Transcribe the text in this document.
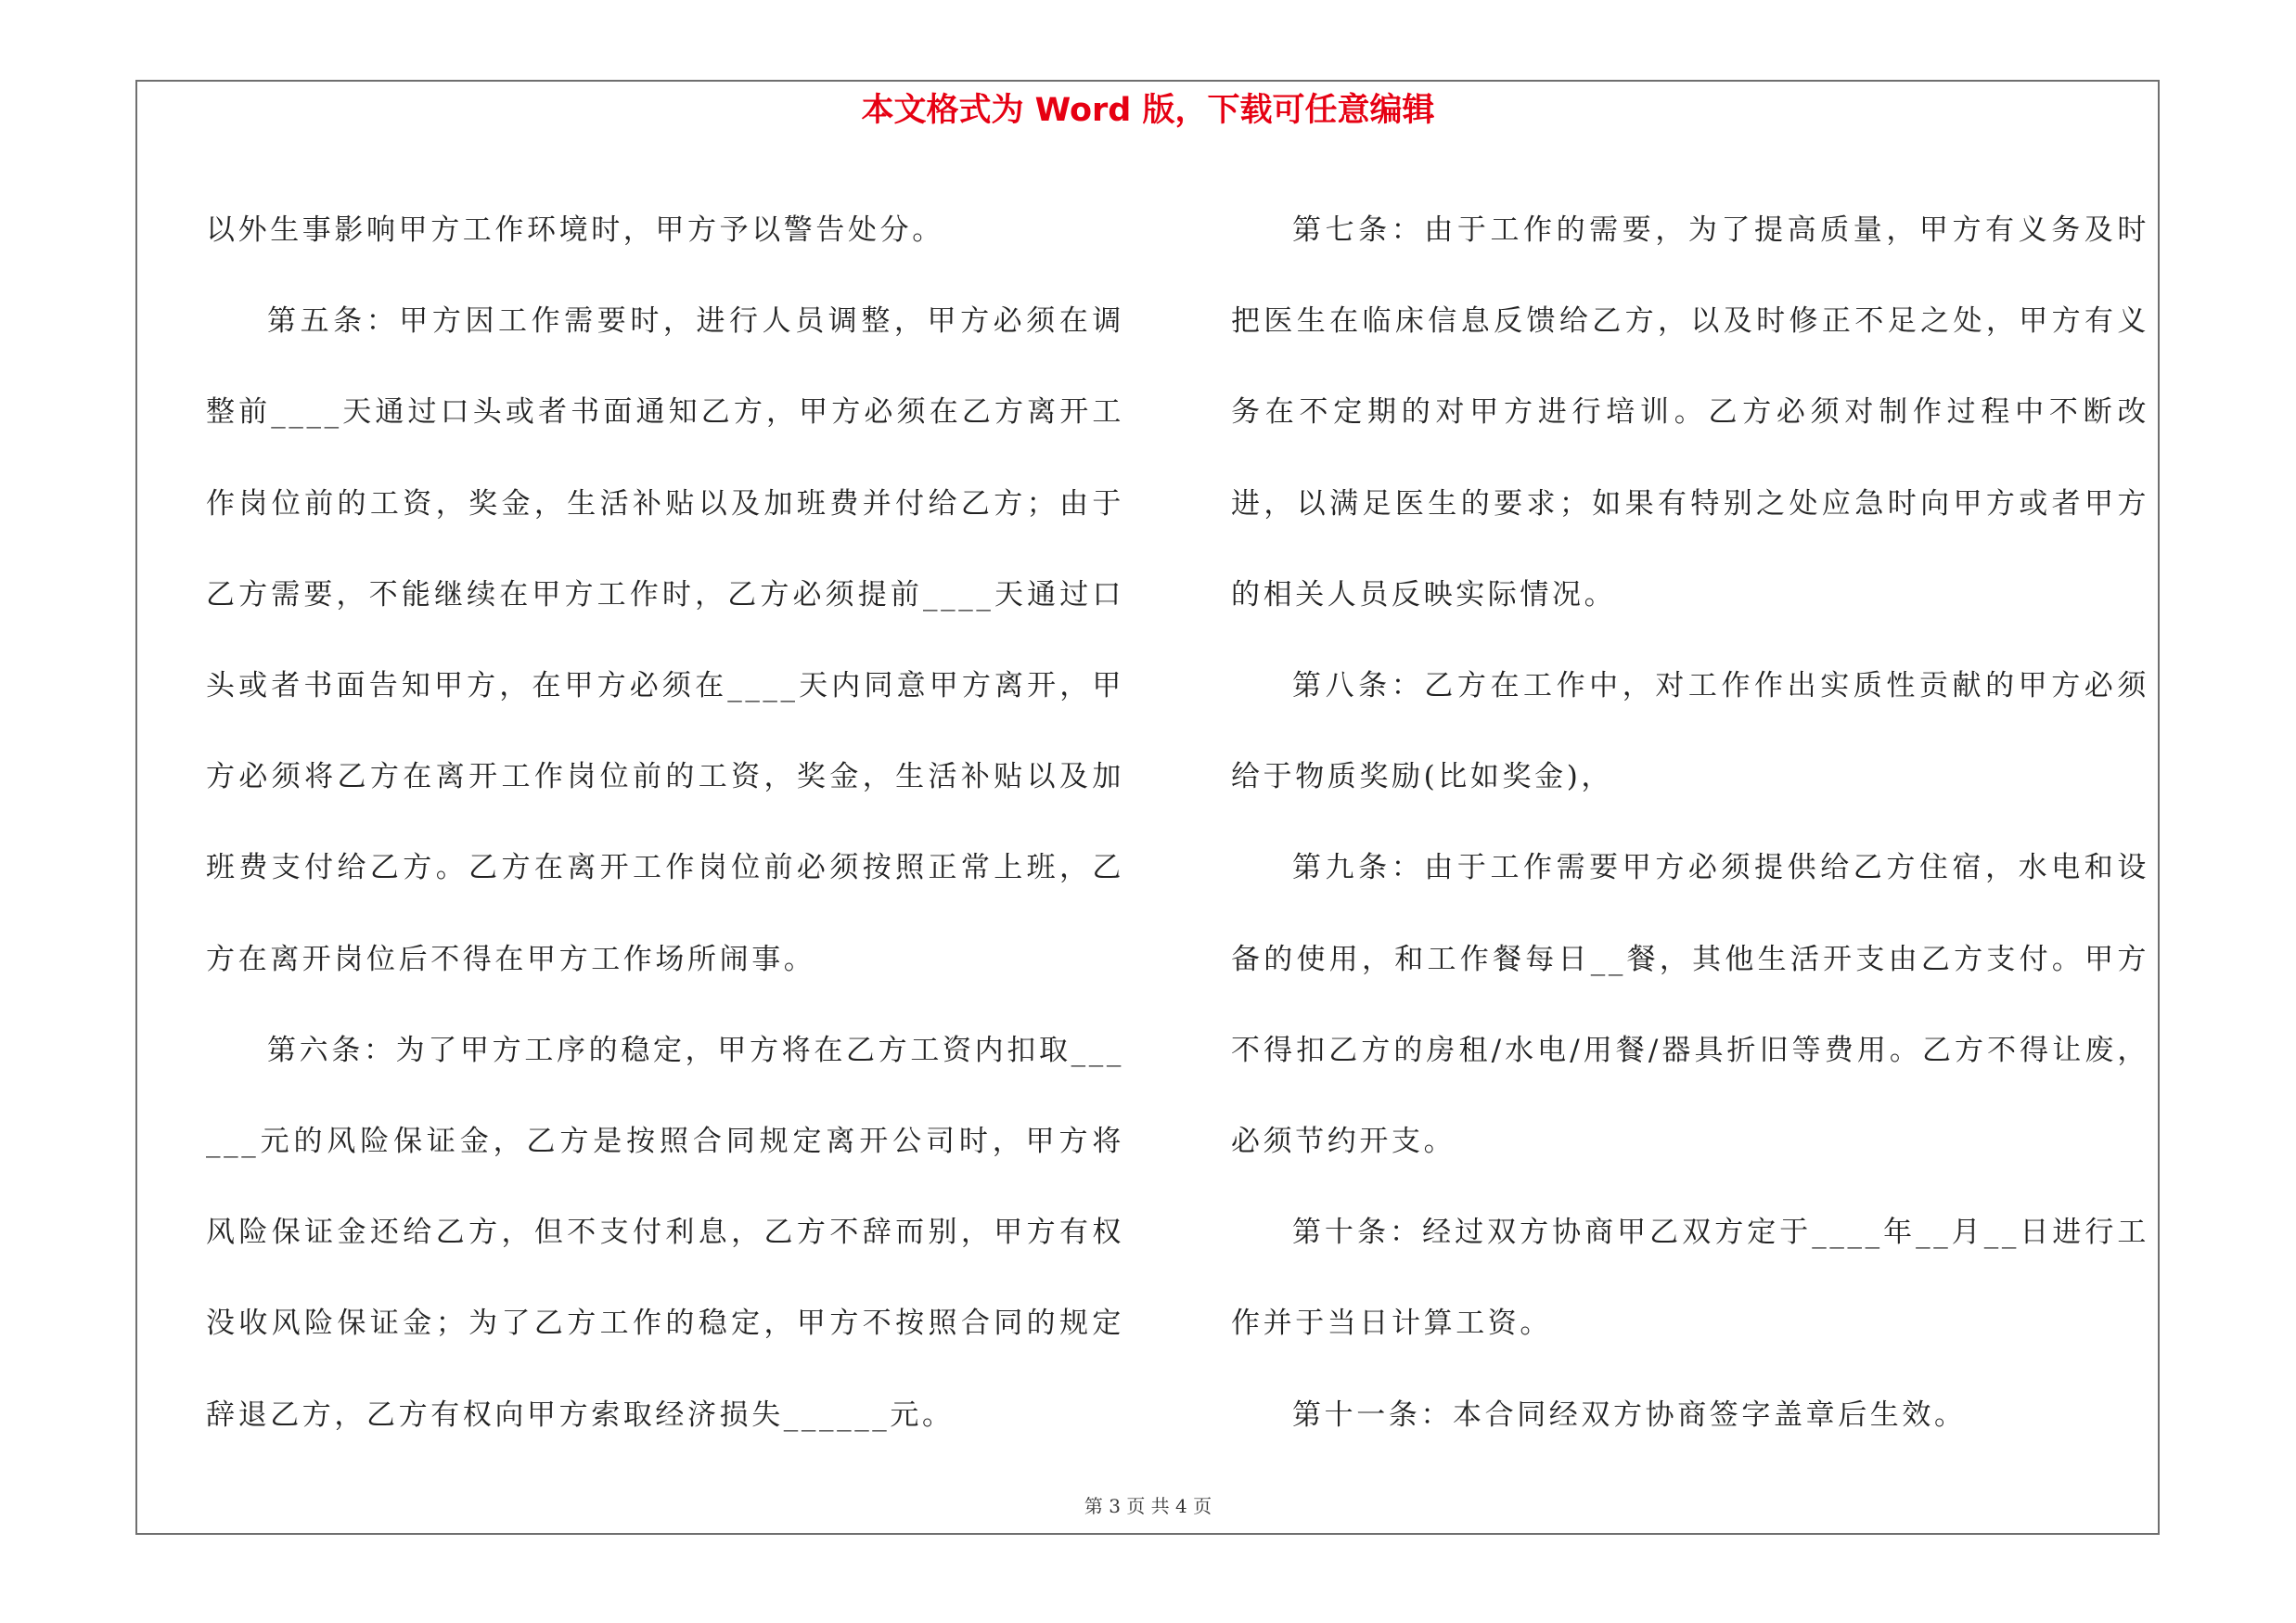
本文格式为 Word 版，下载可任意编辑

以外生事影响甲方工作环境时，甲方予以警告处分。

第五条：甲方因工作需要时，进行人员调整，甲方必须在调整前____天通过口头或者书面通知乙方，甲方必须在乙方离开工作岗位前的工资，奖金，生活补贴以及加班费并付给乙方；由于乙方需要，不能继续在甲方工作时，乙方必须提前____天通过口头或者书面告知甲方，在甲方必须在____天内同意甲方离开，甲方必须将乙方在离开工作岗位前的工资，奖金，生活补贴以及加班费支付给乙方。乙方在离开工作岗位前必须按照正常上班，乙方在离开岗位后不得在甲方工作场所闹事。

第六条：为了甲方工序的稳定，甲方将在乙方工资内扣取______元的风险保证金，乙方是按照合同规定离开公司时，甲方将风险保证金还给乙方，但不支付利息，乙方不辞而别，甲方有权没收风险保证金；为了乙方工作的稳定，甲方不按照合同的规定辞退乙方，乙方有权向甲方索取经济损失______元。

第七条：由于工作的需要，为了提高质量，甲方有义务及时把医生在临床信息反馈给乙方，以及时修正不足之处，甲方有义务在不定期的对甲方进行培训。乙方必须对制作过程中不断改进，以满足医生的要求；如果有特别之处应急时向甲方或者甲方的相关人员反映实际情况。

第八条：乙方在工作中，对工作作出实质性贡献的甲方必须给于物质奖励(比如奖金)，

第九条：由于工作需要甲方必须提供给乙方住宿，水电和设备的使用，和工作餐每日__餐，其他生活开支由乙方支付。甲方不得扣乙方的房租/水电/用餐/器具折旧等费用。乙方不得让废，必须节约开支。

第十条：经过双方协商甲乙双方定于____年__月__日进行工作并于当日计算工资。

第十一条：本合同经双方协商签字盖章后生效。

第 3 页 共 4 页
